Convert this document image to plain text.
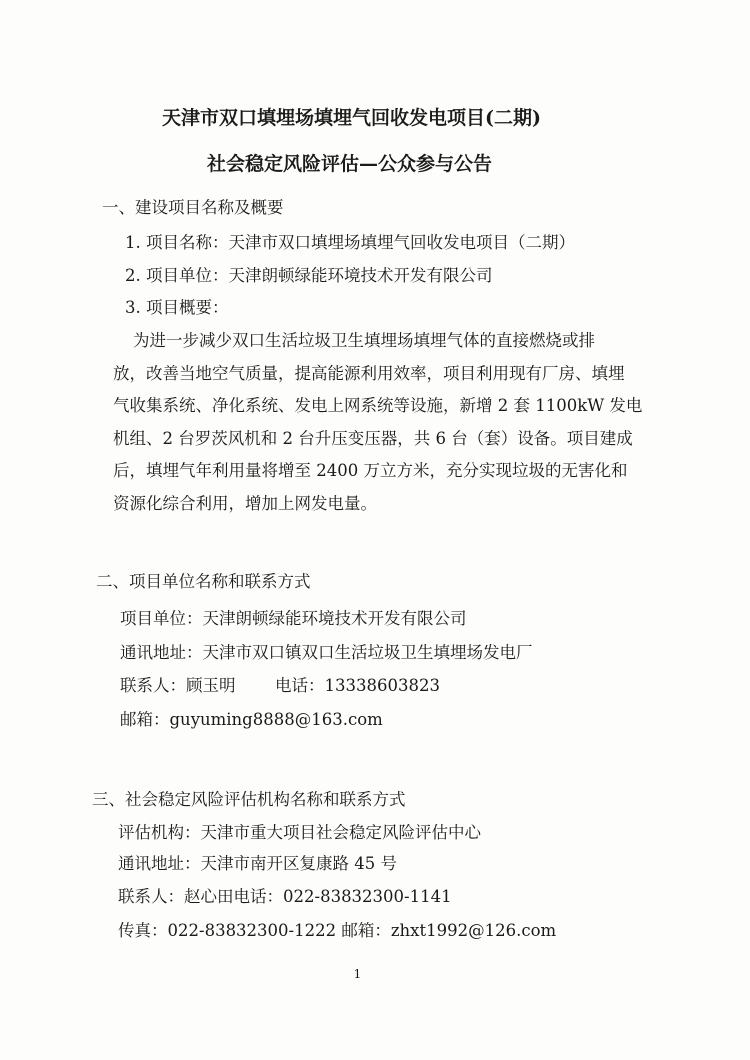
天津市双口填埋场填埋气回收发电项目(二期)
社会稳定风险评估—公众参与公告
一、建设项目名称及概要
1. 项目名称：天津市双口填埋场填埋气回收发电项目（二期）
2. 项目单位：天津朗顿绿能环境技术开发有限公司
3. 项目概要：

为进一步减少双口生活垃圾卫生填埋场填埋气体的直接燃烧或排

放，改善当地空气质量，提高能源利用效率，项目利用现有厂房、填埋

气收集系统、净化系统、发电上网系统等设施，新增 2 套 1100kW 发电

机组、2 台罗茨风机和 2 台升压变压器，共 6 台（套）设备。项目建成

后，填埋气年利用量将增至 2400 万立方米，充分实现垃圾的无害化和

资源化综合利用，增加上网发电量。

二、项目单位名称和联系方式
项目单位：天津朗顿绿能环境技术开发有限公司
通讯地址：天津市双口镇双口生活垃圾卫生填埋场发电厂
联系人：顾玉明 电话：13338603823
邮箱：guyuming8888@163.com
三、社会稳定风险评估机构名称和联系方式
评估机构：天津市重大项目社会稳定风险评估中心
通讯地址：天津市南开区复康路 45 号
联系人：赵心田电话：022-83832300-1141
传真：022-83832300-1222 邮箱：zhxt1992@126.com
1
